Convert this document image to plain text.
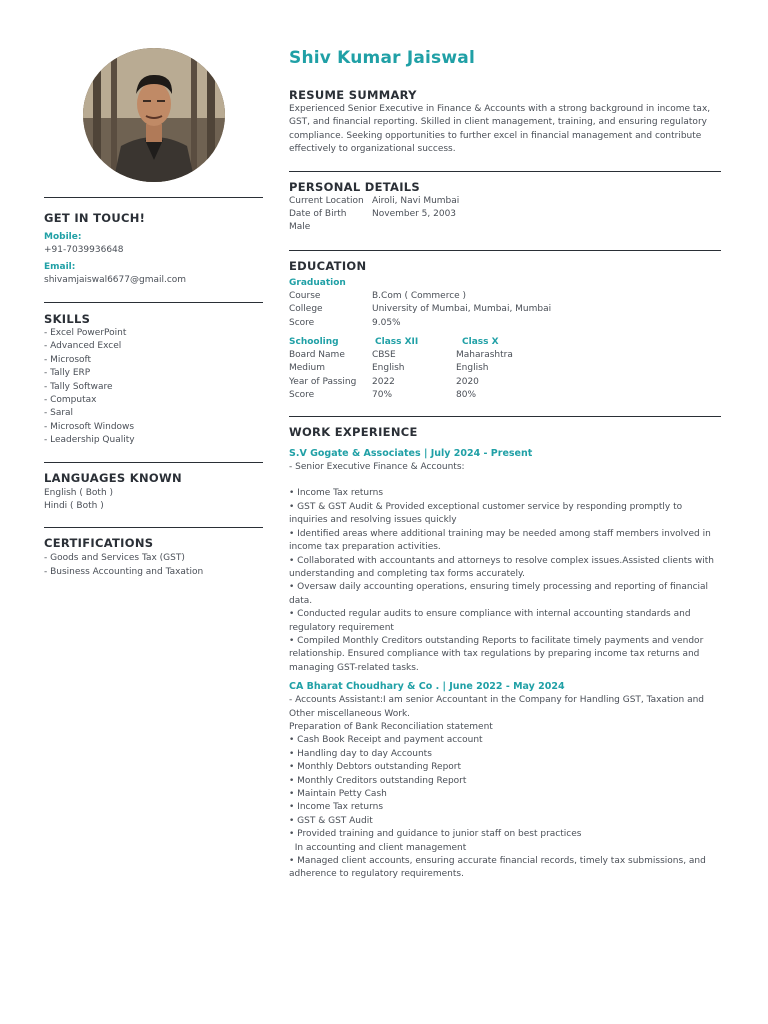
GET IN TOUCH!
Mobile:
+91-7039936648
Email:
shivamjaiswal6677@gmail.com
SKILLS
- Excel PowerPoint
- Advanced Excel
- Microsoft
- Tally ERP
- Tally Software
- Computax
- Saral
- Microsoft Windows
- Leadership Quality
LANGUAGES KNOWN
English ( Both )
Hindi ( Both )
CERTIFICATIONS
- Goods and Services Tax (GST)
- Business Accounting and Taxation
Shiv Kumar Jaiswal
RESUME SUMMARY

Experienced Senior Executive in Finance & Accounts with a strong background in income tax, GST, and financial reporting. Skilled in client management, training, and ensuring regulatory compliance. Seeking opportunities to further excel in financial management and contribute effectively to organizational success.

PERSONAL DETAILS
Current Location Airoli, Navi Mumbai
Date of Birth	November 5, 2003
Male
EDUCATION
Graduation
Course	B.Com ( Commerce )
College	University of Mumbai, Mumbai, Mumbai
Score	9.05%
Schooling	Class XII	Class X
Board Name	CBSE	Maharashtra
Medium	English	English
Year of Passing	2022	2020
Score	70%	80%
WORK EXPERIENCE
S.V Gogate & Associates | July 2024 - Present
- Senior Executive Finance & Accounts:
• Income Tax returns
• GST & GST Audit & Provided exceptional customer service by responding promptly to inquiries and resolving issues quickly
• Identified areas where additional training may be needed among staff members involved in income tax preparation activities.
• Collaborated with accountants and attorneys to resolve complex issues.Assisted clients with understanding and completing tax forms accurately.
• Oversaw daily accounting operations, ensuring timely processing and reporting of financial data.
• Conducted regular audits to ensure compliance with internal accounting standards and regulatory requirement
• Compiled Monthly Creditors outstanding Reports to facilitate timely payments and vendor relationship. Ensured compliance with tax regulations by preparing income tax returns and managing GST-related tasks.
CA Bharat Choudhary & Co . | June 2022 - May 2024
- Accounts Assistant:I am senior Accountant in the Company for Handling GST, Taxation and Other miscellaneous Work.
Preparation of Bank Reconciliation statement
• Cash Book Receipt and payment account
• Handling day to day Accounts
• Monthly Debtors outstanding Report
• Monthly Creditors outstanding Report
• Maintain Petty Cash
• Income Tax returns
• GST & GST Audit
• Provided training and guidance to junior staff on best practices
In accounting and client management
• Managed client accounts, ensuring accurate financial records, timely tax submissions, and adherence to regulatory requirements.
